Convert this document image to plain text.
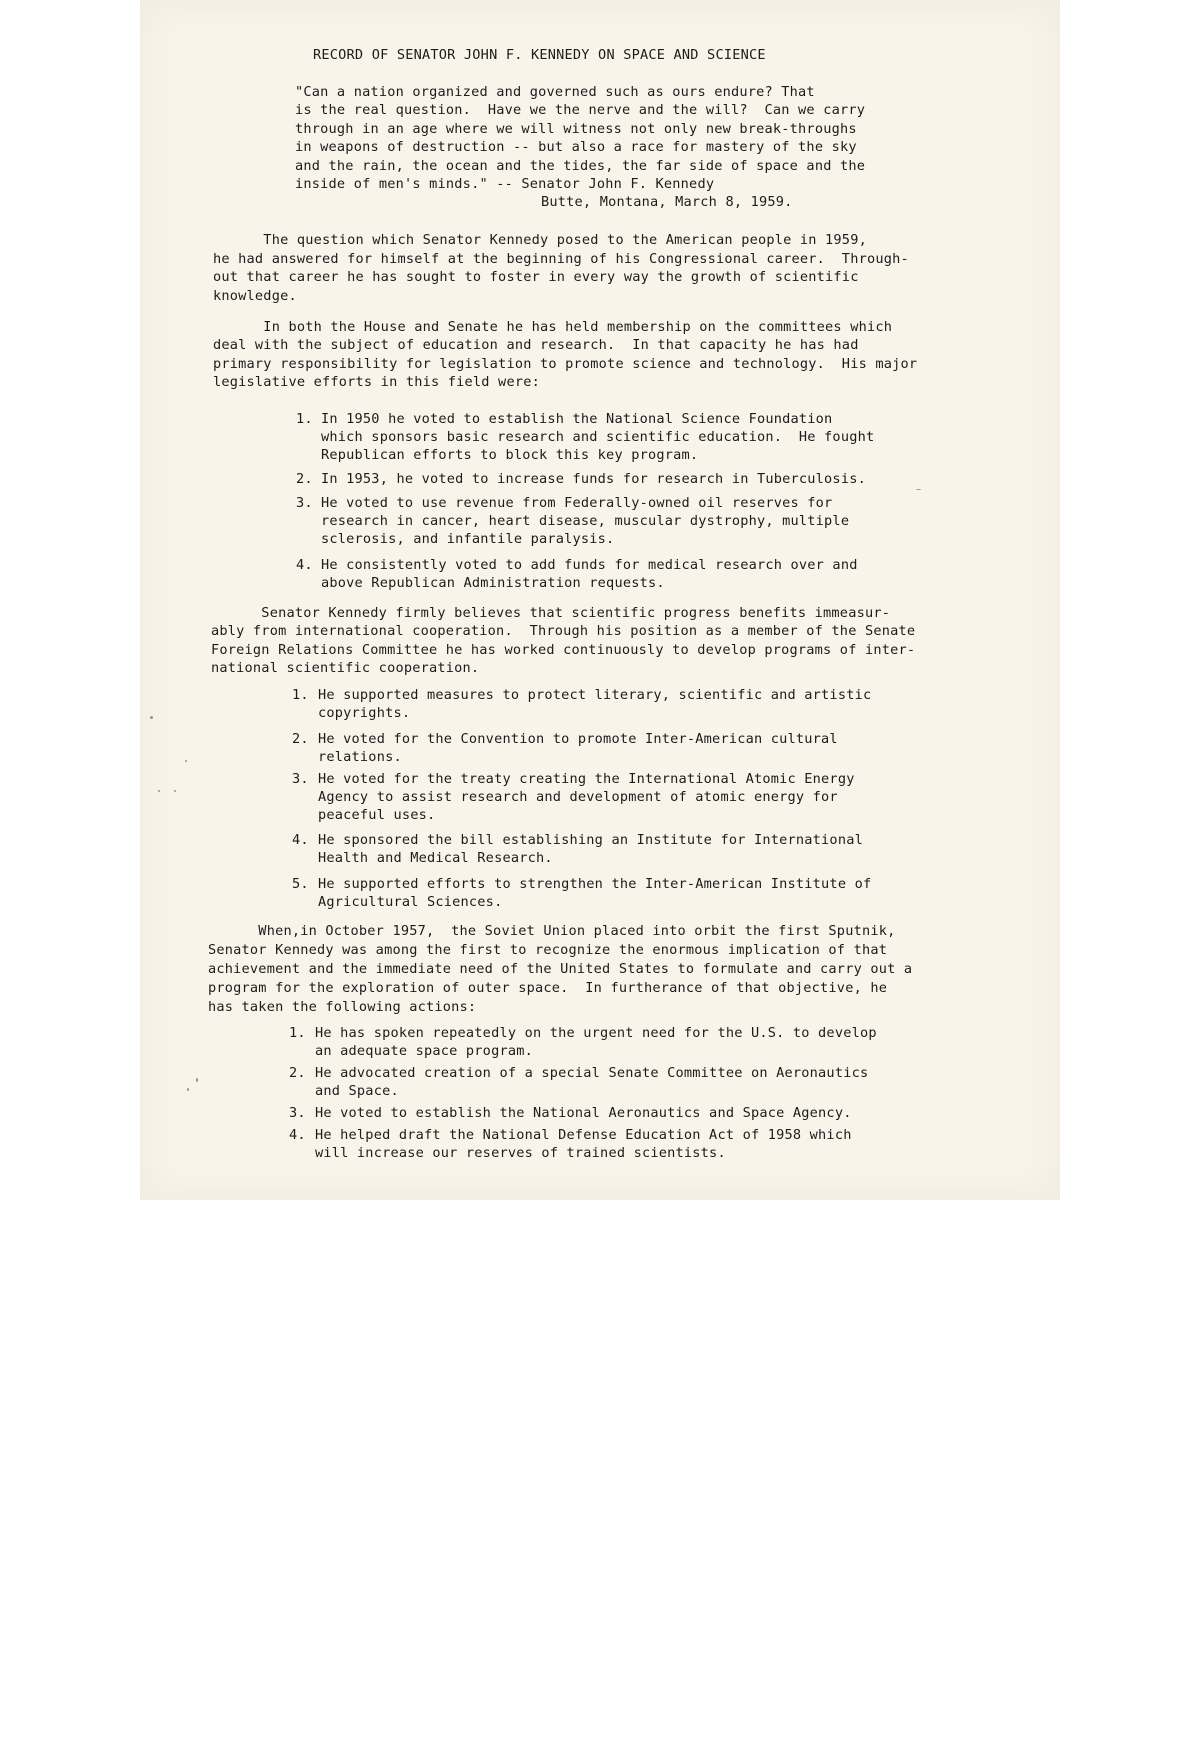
RECORD OF SENATOR JOHN F. KENNEDY ON SPACE AND SCIENCE

"Can a nation organized and governed such as ours endure? That

is the real question.  Have we the nerve and the will?  Can we carry

through in an age where we will witness not only new break-throughs

in weapons of destruction -- but also a race for mastery of the sky

and the rain, the ocean and the tides, the far side of space and the

inside of men's minds." -- Senator John F. Kennedy

Butte, Montana, March 8, 1959.

The question which Senator Kennedy posed to the American people in 1959,

he had answered for himself at the beginning of his Congressional career.  Through-

out that career he has sought to foster in every way the growth of scientific

knowledge.

In both the House and Senate he has held membership on the committees which

deal with the subject of education and research.  In that capacity he has had

primary responsibility for legislation to promote science and technology.  His major

legislative efforts in this field were:

1.

In 1950 he voted to establish the National Science Foundation

which sponsors basic research and scientific education.  He fought

Republican efforts to block this key program.

2.

In 1953, he voted to increase funds for research in Tuberculosis.

3.

He voted to use revenue from Federally-owned oil reserves for

research in cancer, heart disease, muscular dystrophy, multiple

sclerosis, and infantile paralysis.

4.

He consistently voted to add funds for medical research over and

above Republican Administration requests.

Senator Kennedy firmly believes that scientific progress benefits immeasur-

ably from international cooperation.  Through his position as a member of the Senate

Foreign Relations Committee he has worked continuously to develop programs of inter-

national scientific cooperation.

1.

He supported measures to protect literary, scientific and artistic

copyrights.

2.

He voted for the Convention to promote Inter-American cultural

relations.

3.

He voted for the treaty creating the International Atomic Energy

Agency to assist research and development of atomic energy for

peaceful uses.

4.

He sponsored the bill establishing an Institute for International

Health and Medical Research.

5.

He supported efforts to strengthen the Inter-American Institute of

Agricultural Sciences.

When,in October 1957,  the Soviet Union placed into orbit the first Sputnik,

Senator Kennedy was among the first to recognize the enormous implication of that

achievement and the immediate need of the United States to formulate and carry out a

program for the exploration of outer space.  In furtherance of that objective, he

has taken the following actions:

1.

He has spoken repeatedly on the urgent need for the U.S. to develop

an adequate space program.

2.

He advocated creation of a special Senate Committee on Aeronautics

and Space.

3.

He voted to establish the National Aeronautics and Space Agency.

4.

He helped draft the National Defense Education Act of 1958 which

will increase our reserves of trained scientists.
